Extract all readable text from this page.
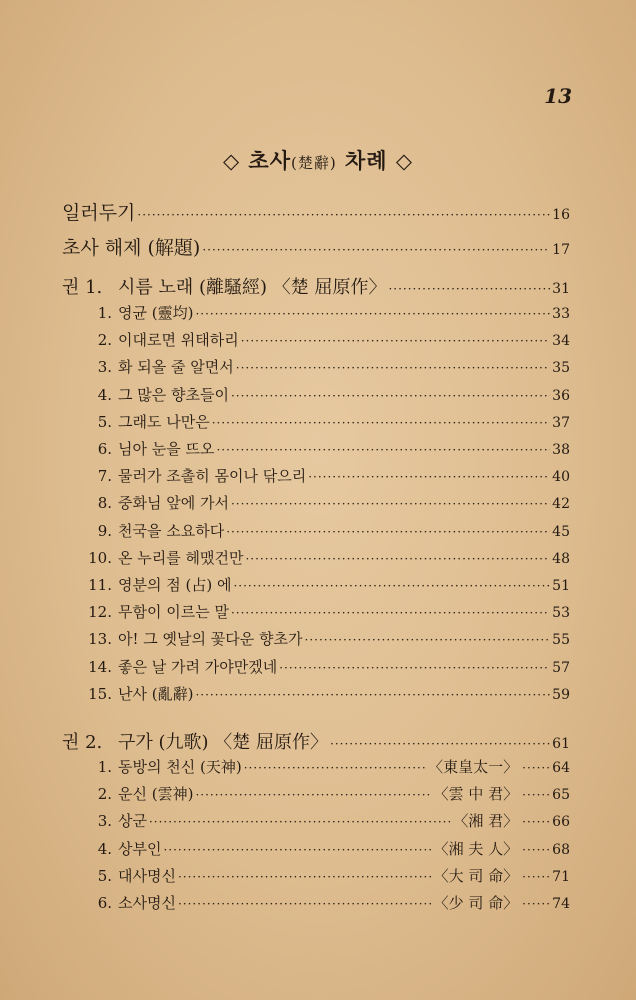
13
◇ 초사(楚辭) 차례 ◇
일러두기 ·····	16
초사 해제 (解題) ·····	17
권 1. 시름 노래 (離騷經) 〈楚 屈原作〉 ·····	31
1. 영균 (靈均) ·····	33
2. 이대로면 위태하리 ·····	34
3. 화 되올 줄 알면서 ·····	35
4. 그 많은 향초들이 ·····	36
5. 그래도 나만은 ·····	37
6. 님아 눈을 뜨오 ·····	38
7. 물러가 조촐히 몸이나 닦으리 ·····	40
8. 중화님 앞에 가서 ·····	42
9. 천국을 소요하다 ·····	45
10. 온 누리를 헤맸건만 ·····	48
11. 영분의 점 (占) 에 ·····	51
12. 무함이 이르는 말 ·····	53
13. 아! 그 옛날의 꽃다운 향초가 ·····	55
14. 좋은 날 가려 가야만겠네 ·····	57
15. 난사 (亂辭) ·····	59
권 2. 구가 (九歌) 〈楚 屈原作〉 ·····	61
1. 동방의 천신 (天神) ·····	〈東皇太一〉 ····· 64
2. 운신 (雲神) ·····	〈雲 中 君〉 ····· 65
3. 상군 ·····	〈湘 君〉 ····· 66
4. 상부인 ·····	〈湘 夫 人〉 ····· 68
5. 대사명신 ·····	〈大 司 命〉 ····· 71
6. 소사명신 ·····	〈少 司 命〉 ····· 74
